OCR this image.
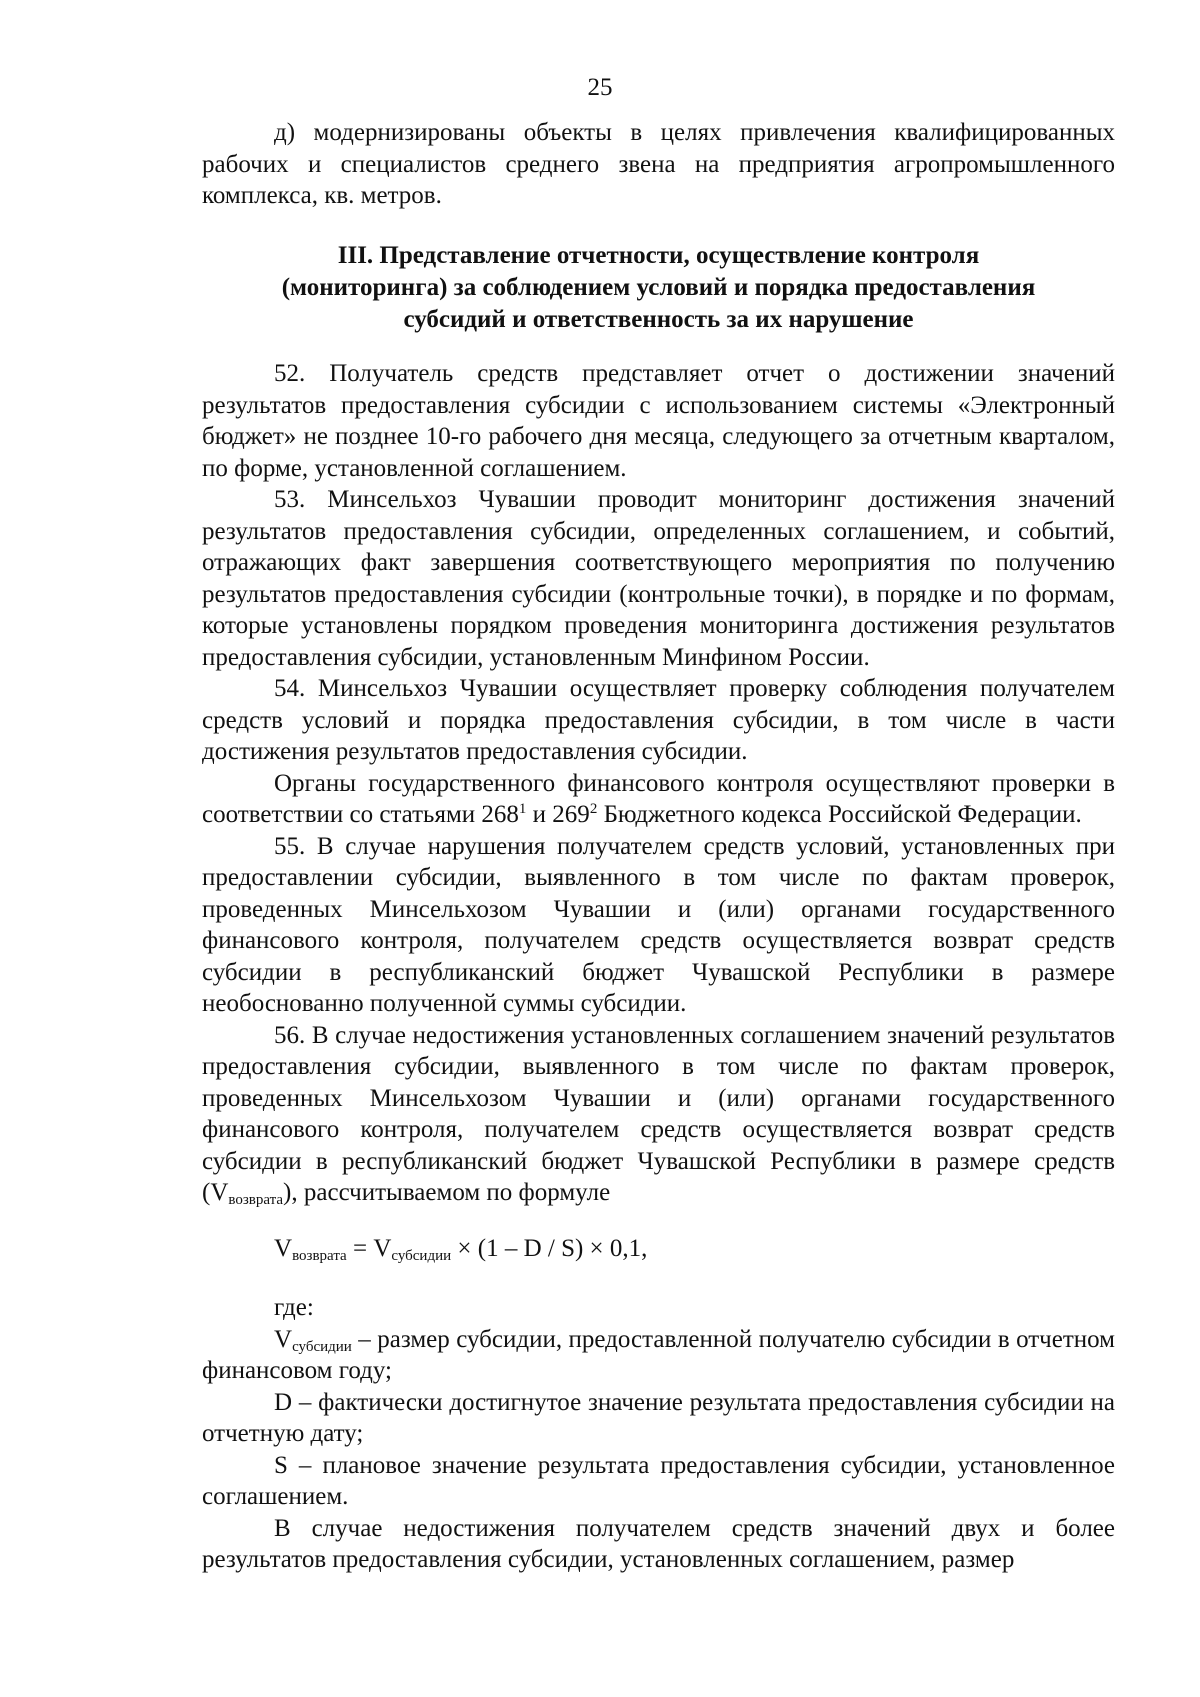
25

д) модернизированы объекты в целях привлечения квалифицированных рабочих и специалистов среднего звена на предприятия агропромышленного комплекса, кв. метров.

III. Представление отчетности, осуществление контроля
(мониторинга) за соблюдением условий и порядка предоставления
субсидий и ответственность за их нарушение

52. Получатель средств представляет отчет о достижении значений результатов предоставления субсидии с использованием системы «Электронный бюджет» не позднее 10-го рабочего дня месяца, следующего за отчетным кварталом, по форме, установленной соглашением.

53. Минсельхоз Чувашии проводит мониторинг достижения значений результатов предоставления субсидии, определенных соглашением, и событий, отражающих факт завершения соответствующего мероприятия по получению результатов предоставления субсидии (контрольные точки), в порядке и по формам, которые установлены порядком проведения мониторинга достижения результатов предоставления субсидии, установленным Минфином России.

54. Минсельхоз Чувашии осуществляет проверку соблюдения получателем средств условий и порядка предоставления субсидии, в том числе в части достижения результатов предоставления субсидии.

Органы государственного финансового контроля осуществляют проверки в соответствии со статьями $268^1$ и $269^2$ Бюджетного кодекса Российской Федерации.

55. В случае нарушения получателем средств условий, установленных при предоставлении субсидии, выявленного в том числе по фактам проверок, проведенных Минсельхозом Чувашии и (или) органами государственного финансового контроля, получателем средств осуществляется возврат средств субсидии в республиканский бюджет Чувашской Республики в размере необоснованно полученной суммы субсидии.

56. В случае недостижения установленных соглашением значений результатов предоставления субсидии, выявленного в том числе по фактам проверок, проведенных Минсельхозом Чувашии и (или) органами государственного финансового контроля, получателем средств осуществляется возврат средств субсидии в республиканский бюджет Чувашской Республики в размере средств $(V_{возврата})$, рассчитываемом по формуле

$V_{возврата} = V_{субсидии} \times (1 - D / S) \times 0,1$,

где:

$V_{субсидии}$ – размер субсидии, предоставленной получателю субсидии в отчетном финансовом году;

D – фактически достигнутое значение результата предоставления субсидии на отчетную дату;

S – плановое значение результата предоставления субсидии, установленное соглашением.

В случае недостижения получателем средств значений двух и более результатов предоставления субсидии, установленных соглашением, размер
